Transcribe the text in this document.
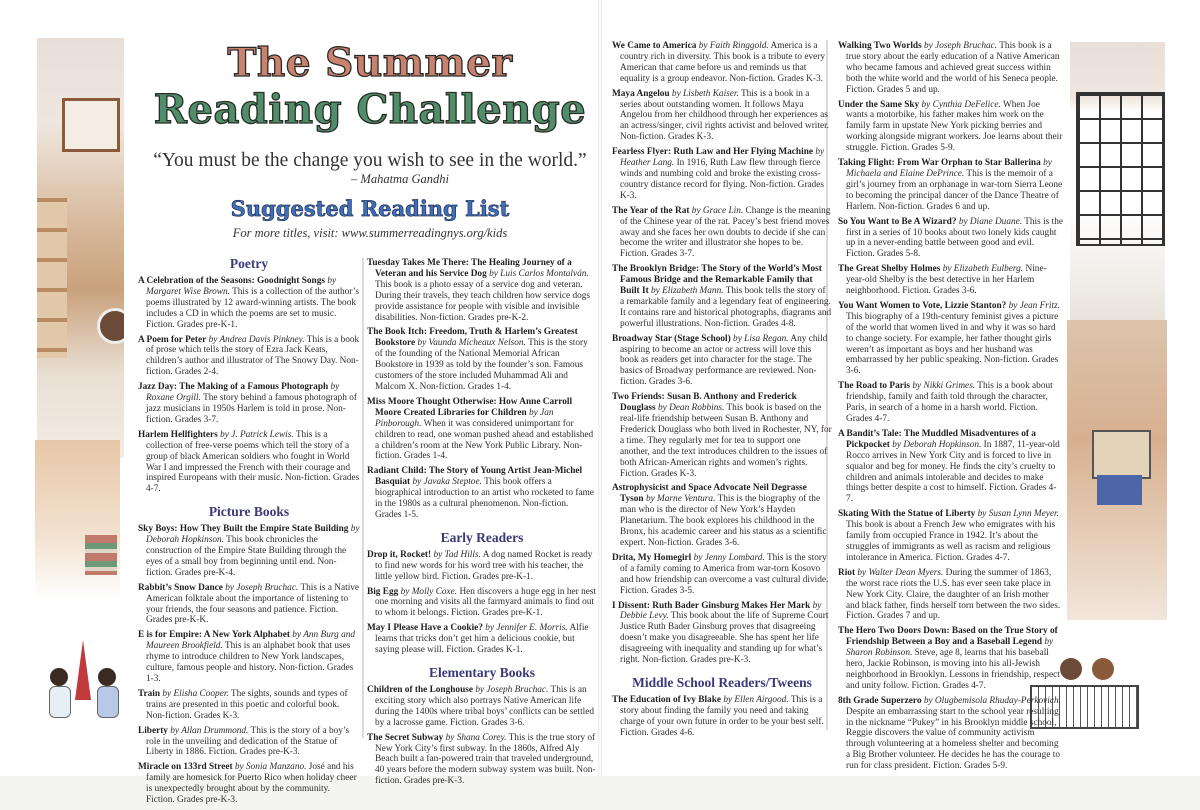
The Summer
Reading Challenge
“You must be the change you wish to see in the world.”
– Mahatma Gandhi
Suggested Reading List
For more titles, visit: www.summerreadingnys.org/kids
Poetry
A Celebration of the Seasons: Goodnight Songs by Margaret Wise Brown. This is a collection of the author’s poems illustrated by 12 award-winning artists. The book includes a CD in which the poems are set to music. Fiction. Grades pre-K-1.
A Poem for Peter by Andrea Davis Pinkney. This is a book of prose which tells the story of Ezra Jack Keats, children’s author and illustrator of The Snowy Day. Non-fiction. Grades 2-4.
Jazz Day: The Making of a Famous Photograph by Roxane Orgill. The story behind a famous photograph of jazz musicians in 1950s Harlem is told in prose. Non-fiction. Grades 3-7.
Harlem Hellfighters by J. Patrick Lewis. This is a collection of free-verse poems which tell the story of a group of black American soldiers who fought in World War I and impressed the French with their courage and inspired Europeans with their music. Non-fiction. Grades 4-7.
Picture Books
Sky Boys: How They Built the Empire State Building by Deborah Hopkinson. This book chronicles the construction of the Empire State Building through the eyes of a small boy from beginning until end. Non-fiction. Grades pre-K-4.
Rabbit’s Snow Dance by Joseph Bruchac. This is a Native American folktale about the importance of listening to your friends, the four seasons and patience. Fiction. Grades pre-K-K.
E is for Empire: A New York Alphabet by Ann Burg and Maureen Brookfield. This is an alphabet book that uses rhyme to introduce children to New York landscapes, culture, famous people and history. Non-fiction. Grades 1-3.
Train by Elisha Cooper. The sights, sounds and types of trains are presented in this poetic and colorful book. Non-fiction. Grades K-3.
Liberty by Allan Drummond. This is the story of a boy’s role in the unveiling and dedication of the Statue of Liberty in 1886. Fiction. Grades pre-K-3.
Miracle on 133rd Street by Sonia Manzano. José and his family are homesick for Puerto Rico when holiday cheer is unexpectedly brought about by the community. Fiction. Grades pre-K-3.
Tuesday Takes Me There: The Healing Journey of a Veteran and his Service Dog by Luis Carlos Montalván. This book is a photo essay of a service dog and veteran. During their travels, they teach children how service dogs provide assistance for people with visible and invisible disabilities. Non-fiction. Grades pre-K-2.
The Book Itch: Freedom, Truth & Harlem’s Greatest Bookstore by Vaunda Micheaux Nelson. This is the story of the founding of the National Memorial African Bookstore in 1939 as told by the founder’s son. Famous customers of the store included Muhammad Ali and Malcom X. Non-fiction. Grades 1-4.
Miss Moore Thought Otherwise: How Anne Carroll Moore Created Libraries for Children by Jan Pinborough. When it was considered unimportant for children to read, one woman pushed ahead and established a children’s room at the New York Public Library. Non-fiction. Grades 1-4.
Radiant Child: The Story of Young Artist Jean-Michel Basquiat by Javaka Steptoe. This book offers a biographical introduction to an artist who rocketed to fame in the 1980s as a cultural phenomenon. Non-fiction. Grades 1-5.
Early Readers
Drop it, Rocket! by Tad Hills. A dog named Rocket is ready to find new words for his word tree with his teacher, the little yellow bird. Fiction. Grades pre-K-1.
Big Egg by Molly Coxe. Hen discovers a huge egg in her nest one morning and visits all the farmyard animals to find out to whom it belongs. Fiction. Grades pre-K-1.
May I Please Have a Cookie? by Jennifer E. Morris. Alfie learns that tricks don’t get him a delicious cookie, but saying please will. Fiction. Grades K-1.
Elementary Books
Children of the Longhouse by Joseph Bruchac. This is an exciting story which also portrays Native American life during the 1400s where tribal boys’ conflicts can be settled by a lacrosse game. Fiction. Grades 3-6.
The Secret Subway by Shana Corey. This is the true story of New York City’s first subway. In the 1860s, Alfred Aly Beach built a fan-powered train that traveled underground, 40 years before the modern subway system was built. Non-fiction. Grades pre-K-3.
We Came to America by Faith Ringgold. America is a country rich in diversity. This book is a tribute to every American that came before us and reminds us that equality is a group endeavor. Non-fiction. Grades K-3.
Maya Angelou by Lisbeth Kaiser. This is a book in a series about outstanding women. It follows Maya Angelou from her childhood through her experiences as an actress/singer, civil rights activist and beloved writer. Non-fiction. Grades K-3.
Fearless Flyer: Ruth Law and Her Flying Machine by Heather Lang. In 1916, Ruth Law flew through fierce winds and numbing cold and broke the existing cross-country distance record for flying. Non-fiction. Grades K-3.
The Year of the Rat by Grace Lin. Change is the meaning of the Chinese year of the rat. Pacey’s best friend moves away and she faces her own doubts to decide if she can become the writer and illustrator she hopes to be. Fiction. Grades 3-7.
The Brooklyn Bridge: The Story of the World’s Most Famous Bridge and the Remarkable Family that Built It by Elizabeth Mann. This book tells the story of a remarkable family and a legendary feat of engineering. It contains rare and historical photographs, diagrams and powerful illustrations. Non-fiction. Grades 4-8.
Broadway Star (Stage School) by Lisa Regan. Any child aspiring to become an actor or actress will love this book as readers get into character for the stage. The basics of Broadway performance are reviewed. Non-fiction. Grades 3-6.
Two Friends: Susan B. Anthony and Frederick Douglass by Dean Robbins. This book is based on the real-life friendship between Susan B. Anthony and Frederick Douglass who both lived in Rochester, NY, for a time. They regularly met for tea to support one another, and the text introduces children to the issues of both African-American rights and women’s rights. Fiction. Grades K-3.
Astrophysicist and Space Advocate Neil Degrasse Tyson by Marne Ventura. This is the biography of the man who is the director of New York’s Hayden Planetarium. The book explores his childhood in the Bronx, his academic career and his status as a scientific expert. Non-fiction. Grades 3-6.
Drita, My Homegirl by Jenny Lombard. This is the story of a family coming to America from war-torn Kosovo and how friendship can overcome a vast cultural divide. Fiction. Grades 3-5.
I Dissent: Ruth Bader Ginsburg Makes Her Mark by Debbie Levy. This book about the life of Supreme Court Justice Ruth Bader Ginsburg proves that disagreeing doesn’t make you disagreeable. She has spent her life disagreeing with inequality and standing up for what’s right. Non-fiction. Grades pre-K-3.
Middle School Readers/Tweens
The Education of Ivy Blake by Ellen Airgood. This is a story about finding the family you need and taking charge of your own future in order to be your best self. Fiction. Grades 4-6.
Walking Two Worlds by Joseph Bruchac. This book is a true story about the early education of a Native American who became famous and achieved great success within both the white world and the world of his Seneca people. Fiction. Grades 5 and up.
Under the Same Sky by Cynthia DeFelice. When Joe wants a motorbike, his father makes him work on the family farm in upstate New York picking berries and working alongside migrant workers. Joe learns about their struggle. Fiction. Grades 5-9.
Taking Flight: From War Orphan to Star Ballerina by Michaela and Elaine DePrince. This is the memoir of a girl’s journey from an orphanage in war-torn Sierra Leone to becoming the principal dancer of the Dance Theatre of Harlem. Non-fiction. Grades 6 and up.
So You Want to Be A Wizard? by Diane Duane. This is the first in a series of 10 books about two lonely kids caught up in a never-ending battle between good and evil. Fiction. Grades 5-8.
The Great Shelby Holmes by Elizabeth Eulberg. Nine-year-old Shelby is the best detective in her Harlem neighborhood. Fiction. Grades 3-6.
You Want Women to Vote, Lizzie Stanton? by Jean Fritz. This biography of a 19th-century feminist gives a picture of the world that women lived in and why it was so hard to change society. For example, her father thought girls weren’t as important as boys and her husband was embarrassed by her public speaking. Non-fiction. Grades 3-6.
The Road to Paris by Nikki Grimes. This is a book about friendship, family and faith told through the character, Paris, in search of a home in a harsh world. Fiction. Grades 4-7.
A Bandit’s Tale: The Muddled Misadventures of a Pickpocket by Deborah Hopkinson. In 1887, 11-year-old Rocco arrives in New York City and is forced to live in squalor and beg for money. He finds the city’s cruelty to children and animals intolerable and decides to make things better despite a cost to himself. Fiction. Grades 4-7.
Skating With the Statue of Liberty by Susan Lynn Meyer. This book is about a French Jew who emigrates with his family from occupied France in 1942. It’s about the struggles of immigrants as well as racism and religious intolerance in America. Fiction. Grades 4-7.
Riot by Walter Dean Myers. During the summer of 1863, the worst race riots the U.S. has ever seen take place in New York City. Claire, the daughter of an Irish mother and black father, finds herself torn between the two sides. Fiction. Grades 7 and up.
The Hero Two Doors Down: Based on the True Story of Friendship Between a Boy and a Baseball Legend by Sharon Robinson. Steve, age 8, learns that his baseball hero, Jackie Robinson, is moving into his all-Jewish neighborhood in Brooklyn. Lessons in friendship, respect and unity follow. Fiction. Grades 4-7.
8th Grade Superzero by Olugbemisola Rhuday-Perkovich. Despite an embarrassing start to the school year resulting in the nickname “Pukey” in his Brooklyn middle school, Reggie discovers the value of community activism through volunteering at a homeless shelter and becoming a Big Brother volunteer. He decides he has the courage to run for class president. Fiction. Grades 5-9.
